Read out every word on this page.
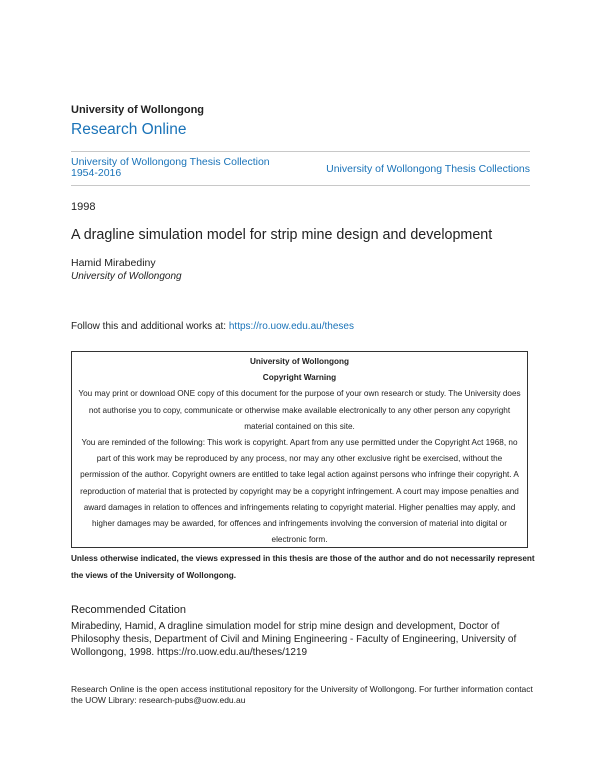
University of Wollongong
Research Online
University of Wollongong Thesis Collection 1954-2016	University of Wollongong Thesis Collections
1998
A dragline simulation model for strip mine design and development
Hamid Mirabediny
University of Wollongong
Follow this and additional works at: https://ro.uow.edu.au/theses

University of Wollongong

Copyright Warning

You may print or download ONE copy of this document for the purpose of your own research or study. The University does not authorise you to copy, communicate or otherwise make available electronically to any other person any copyright material contained on this site.

You are reminded of the following: This work is copyright. Apart from any use permitted under the Copyright Act 1968, no part of this work may be reproduced by any process, nor may any other exclusive right be exercised, without the permission of the author. Copyright owners are entitled to take legal action against persons who infringe their copyright. A reproduction of material that is protected by copyright may be a copyright infringement. A court may impose penalties and award damages in relation to offences and infringements relating to copyright material. Higher penalties may apply, and higher damages may be awarded, for offences and infringements involving the conversion of material into digital or electronic form.

Unless otherwise indicated, the views expressed in this thesis are those of the author and do not necessarily represent the views of the University of Wollongong.
Recommended Citation
Mirabediny, Hamid, A dragline simulation model for strip mine design and development, Doctor of Philosophy thesis, Department of Civil and Mining Engineering - Faculty of Engineering, University of Wollongong, 1998. https://ro.uow.edu.au/theses/1219
Research Online is the open access institutional repository for the University of Wollongong. For further information contact the UOW Library: research-pubs@uow.edu.au
